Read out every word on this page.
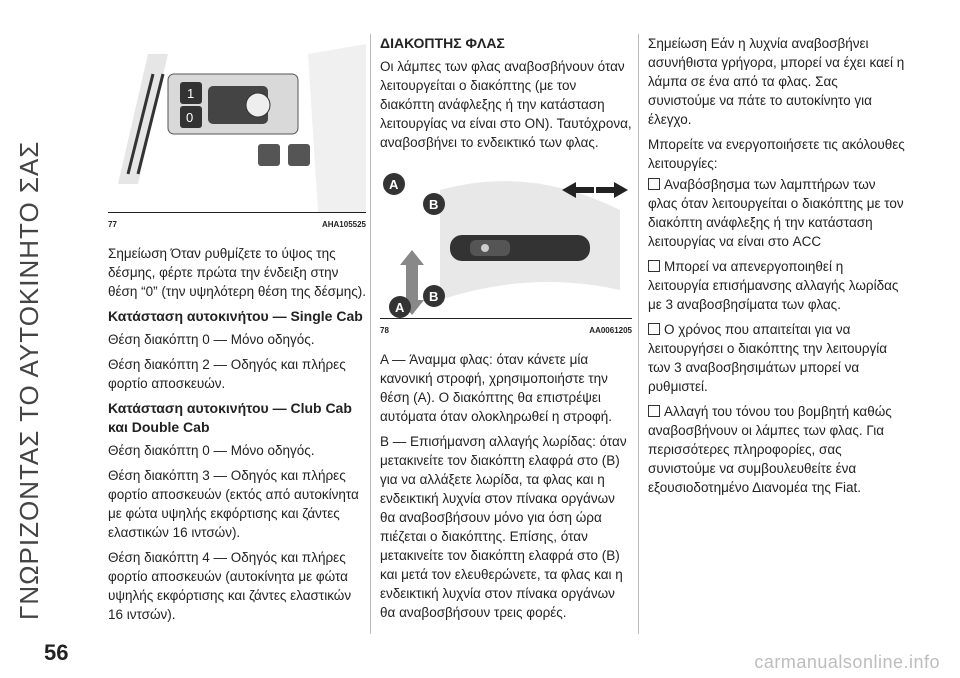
ΓΝΩΡΙΖΟΝΤΑΣ ΤΟ ΑΥΤΟΚΙΝΗΤΟ ΣΑΣ
1
0
77	AHA105525

Σημείωση Όταν ρυθμίζετε το ύψος της δέσμης, φέρτε πρώτα την ένδειξη στην θέση “0” (την υψηλότερη θέση της δέσμης).

Κατάσταση αυτοκινήτου — Single Cab

Θέση διακόπτη 0 — Μόνο οδηγός.

Θέση διακόπτη 2 — Οδηγός και πλήρες φορτίο αποσκευών.

Κατάσταση αυτοκινήτου — Club Cab και Double Cab

Θέση διακόπτη 0 — Μόνο οδηγός.

Θέση διακόπτη 3 — Οδηγός και πλήρες φορτίο αποσκευών (εκτός από αυτοκίνητα με φώτα υψηλής εκφόρτισης και ζάντες ελαστικών 16 ιντσών).

Θέση διακόπτη 4 — Οδηγός και πλήρες φορτίο αποσκευών (αυτοκίνητα με φώτα υψηλής εκφόρτισης και ζάντες ελαστικών 16 ιντσών).

ΔΙΑΚΟΠΤΗΣ ΦΛΑΣ

Οι λάμπες των φλας αναβοσβήνουν όταν λειτουργείται ο διακόπτης (με τον διακόπτη ανάφλεξης ή την κατάσταση λειτουργίας να είναι στο ON). Ταυτόχρονα, αναβοσβήνει το ενδεικτικό των φλας.

A
B
B
A
78	AA0061205

A — Άναμμα φλας: όταν κάνετε μία κανονική στροφή, χρησιμοποιήστε την θέση (A). Ο διακόπτης θα επιστρέψει αυτόματα όταν ολοκληρωθεί η στροφή.

B — Επισήμανση αλλαγής λωρίδας: όταν μετακινείτε τον διακόπτη ελαφρά στο (B) για να αλλάξετε λωρίδα, τα φλας και η ενδεικτική λυχνία στον πίνακα οργάνων θα αναβοσβήσουν μόνο για όση ώρα πιέζεται ο διακόπτης. Επίσης, όταν μετακινείτε τον διακόπτη ελαφρά στο (B) και μετά τον ελευθερώνετε, τα φλας και η ενδεικτική λυχνία στον πίνακα οργάνων θα αναβοσβήσουν τρεις φορές.

Σημείωση Εάν η λυχνία αναβοσβήνει ασυνήθιστα γρήγορα, μπορεί να έχει καεί η λάμπα σε ένα από τα φλας. Σας συνιστούμε να πάτε το αυτοκίνητο για έλεγχο.

Μπορείτε να ενεργοποιήσετε τις ακόλουθες λειτουργίες:

Αναβόσβησμα των λαμπτήρων των φλας όταν λειτουργείται ο διακόπτης με τον διακόπτη ανάφλεξης ή την κατάσταση λειτουργίας να είναι στο ACC

Μπορεί να απενεργοποιηθεί η λειτουργία επισήμανσης αλλαγής λωρίδας με 3 αναβοσβησίματα των φλας.

Ο χρόνος που απαιτείται για να λειτουργήσει ο διακόπτης την λειτουργία των 3 αναβοσβησιμάτων μπορεί να ρυθμιστεί.

Αλλαγή του τόνου του βομβητή καθώς αναβοσβήνουν οι λάμπες των φλας. Για περισσότερες πληροφορίες, σας συνιστούμε να συμβουλευθείτε ένα εξουσιοδοτημένο Διανομέα της Fiat.

56	carmanualsonline.info
